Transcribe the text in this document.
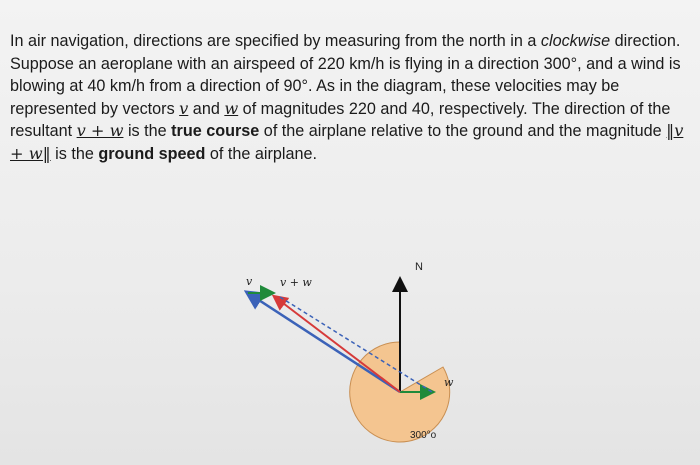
In air navigation, directions are specified by measuring from the north in a clockwise direction. Suppose an aeroplane with an airspeed of 220 km/h is flying in a direction 300°, and a wind is blowing at 40 km/h from a direction of 90°. As in the diagram, these velocities may be represented by vectors v and w of magnitudes 220 and 40, respectively. The direction of the resultant v + w is the true course of the airplane relative to the ground and the magnitude ‖v + w‖ is the ground speed of the airplane.

N
w
v	v + w
300°o
